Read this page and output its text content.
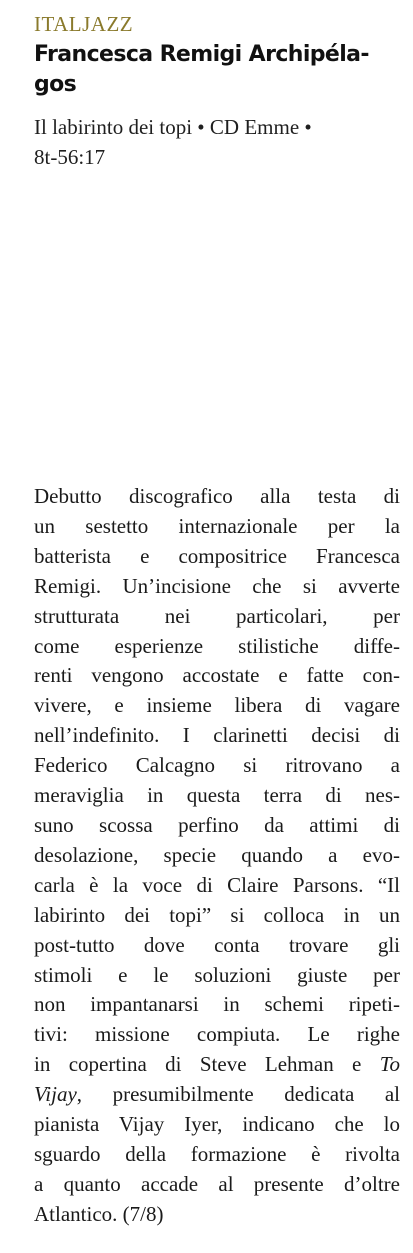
ITALJAZZ
Francesca Remigi Archipéla-
gos
Il labirinto dei topi • CD Emme •
8t-56:17
Debutto discografico alla testa di
un sestetto internazionale per la
batterista e compositrice Francesca
Remigi. Un’incisione che si avverte
strutturata nei particolari, per
come esperienze stilistiche diffe-
renti vengono accostate e fatte con-
vivere, e insieme libera di vagare
nell’indefinito. I clarinetti decisi di
Federico Calcagno si ritrovano a
meraviglia in questa terra di nes-
suno scossa perfino da attimi di
desolazione, specie quando a evo-
carla è la voce di Claire Parsons. “Il
labirinto dei topi” si colloca in un
post-tutto dove conta trovare gli
stimoli e le soluzioni giuste per
non impantanarsi in schemi ripeti-
tivi: missione compiuta. Le righe
in copertina di Steve Lehman e To
Vijay, presumibilmente dedicata al
pianista Vijay Iyer, indicano che lo
sguardo della formazione è rivolta
a quanto accade al presente d’oltre
Atlantico. (7/8)
